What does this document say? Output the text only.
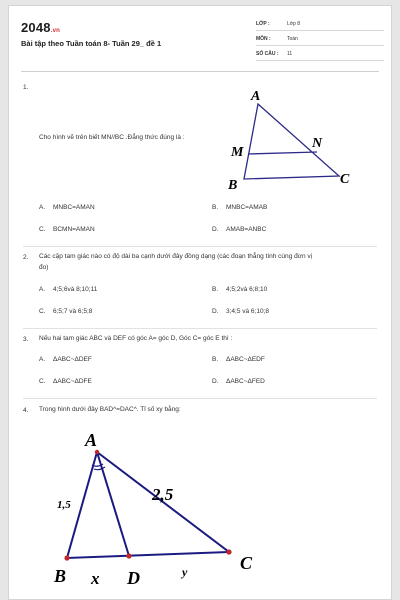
2048.vn
Bài tập theo Tuần toán 8- Tuần 29_ đề 1
LỚP :	Lớp 8
MÔN :	Toán
SỐ CÂU : 11
1.
Cho hình vẽ trên biết MN//BC .Đẳng thức đúng là :
A
M
N
B	C
A. MNBC=AMAN	B. MNBC=AMAB
C. BCMN=AMAN	D. AMAB=ANBC
2. Các cặp tam giác nào có độ dài ba cạnh dưới đây đồng dạng (các đoạn thẳng tính cùng đơn vị
đo)
A. 4;5;6và 8;10;11	B. 4;5;2và 6;8;10
C. 6;5;7 và 6;5;8	D. 3;4;5 và 6;10;8
3. Nếu hai tam giác ABC và DEF có góc A= góc D, Góc C= góc E thì :
A. ΔABC~ΔDEF	B. ΔABC~ΔEDF
C. ΔABC~ΔDFE	D. ΔABC~ΔFED
4. Trong hình dưới đây BAD^=DAC^. Tỉ số xy bằng:
A
B x D	y	C
1,5
2,5
